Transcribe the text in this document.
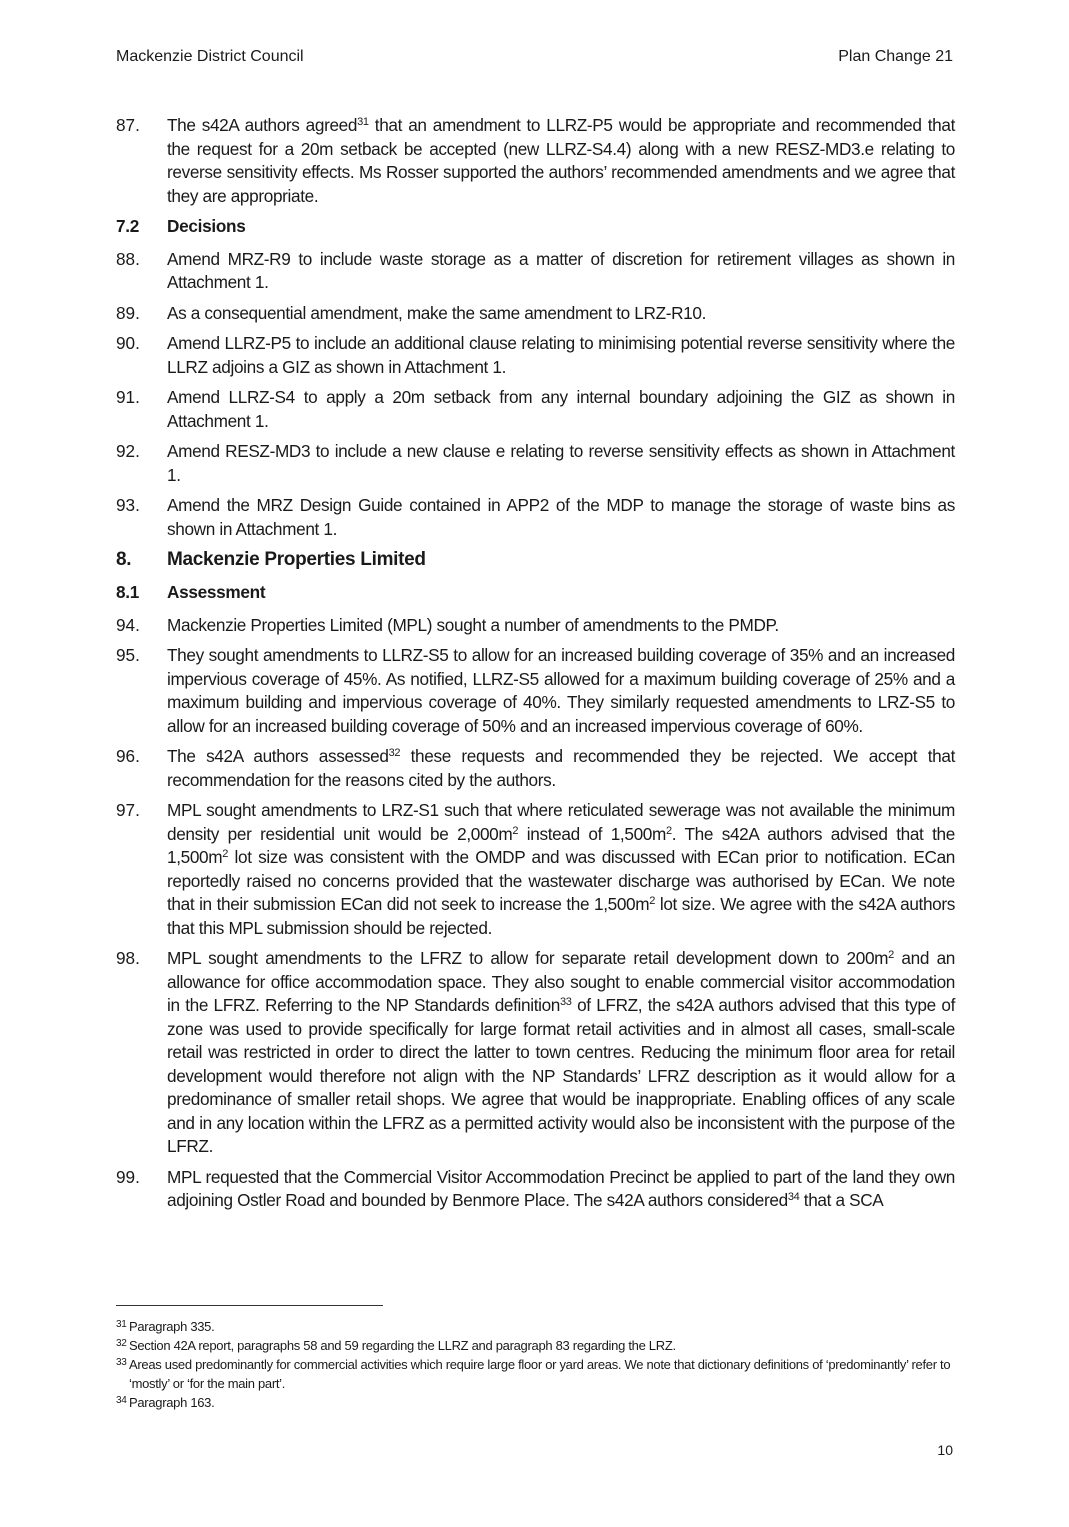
Mackenzie District Council	Plan Change 21
87.	The s42A authors agreed$^{31}$ that an amendment to LLRZ-P5 would be appropriate and recommended that the request for a 20m setback be accepted (new LLRZ-S4.4) along with a new RESZ-MD3.e relating to reverse sensitivity effects. Ms Rosser supported the authors’ recommended amendments and we agree that they are appropriate.
7.2	Decisions
88.	Amend MRZ-R9 to include waste storage as a matter of discretion for retirement villages as shown in Attachment 1.
89.	As a consequential amendment, make the same amendment to LRZ-R10.
90.	Amend LLRZ-P5 to include an additional clause relating to minimising potential reverse sensitivity where the LLRZ adjoins a GIZ as shown in Attachment 1.
91.	Amend LLRZ-S4 to apply a 20m setback from any internal boundary adjoining the GIZ as shown in Attachment 1.
92.	Amend RESZ-MD3 to include a new clause e relating to reverse sensitivity effects as shown in Attachment 1.
93.	Amend the MRZ Design Guide contained in APP2 of the MDP to manage the storage of waste bins as shown in Attachment 1.
8.	Mackenzie Properties Limited
8.1	Assessment
94.	Mackenzie Properties Limited (MPL) sought a number of amendments to the PMDP.
95.	They sought amendments to LLRZ-S5 to allow for an increased building coverage of 35% and an increased impervious coverage of 45%. As notified, LLRZ-S5 allowed for a maximum building coverage of 25% and a maximum building and impervious coverage of 40%. They similarly requested amendments to LRZ-S5 to allow for an increased building coverage of 50% and an increased impervious coverage of 60%.
96.	The s42A authors assessed$^{32}$ these requests and recommended they be rejected. We accept that recommendation for the reasons cited by the authors.
97.	MPL sought amendments to LRZ-S1 such that where reticulated sewerage was not available the minimum density per residential unit would be $2,000m^2$ instead of $1,500m^2$. The s42A authors advised that the $1,500m^2$ lot size was consistent with the OMDP and was discussed with ECan prior to notification. ECan reportedly raised no concerns provided that the wastewater discharge was authorised by ECan. We note that in their submission ECan did not seek to increase the $1,500m^2$ lot size. We agree with the s42A authors that this MPL submission should be rejected.
98.	MPL sought amendments to the LFRZ to allow for separate retail development down to $200m^2$ and an allowance for office accommodation space. They also sought to enable commercial visitor accommodation in the LFRZ. Referring to the NP Standards definition$^{33}$ of LFRZ, the s42A authors advised that this type of zone was used to provide specifically for large format retail activities and in almost all cases, small-scale retail was restricted in order to direct the latter to town centres. Reducing the minimum floor area for retail development would therefore not align with the NP Standards’ LFRZ description as it would allow for a predominance of smaller retail shops. We agree that would be inappropriate. Enabling offices of any scale and in any location within the LFRZ as a permitted activity would also be inconsistent with the purpose of the LFRZ.
99.	MPL requested that the Commercial Visitor Accommodation Precinct be applied to part of the land they own adjoining Ostler Road and bounded by Benmore Place. The s42A authors considered$^{34}$ that a SCA
31 Paragraph 335.
32 Section 42A report, paragraphs 58 and 59 regarding the LLRZ and paragraph 83 regarding the LRZ.
33 Areas used predominantly for commercial activities which require large floor or yard areas. We note that dictionary definitions of ‘predominantly’ refer to ‘mostly’ or ‘for the main part’.
34 Paragraph 163.
10
